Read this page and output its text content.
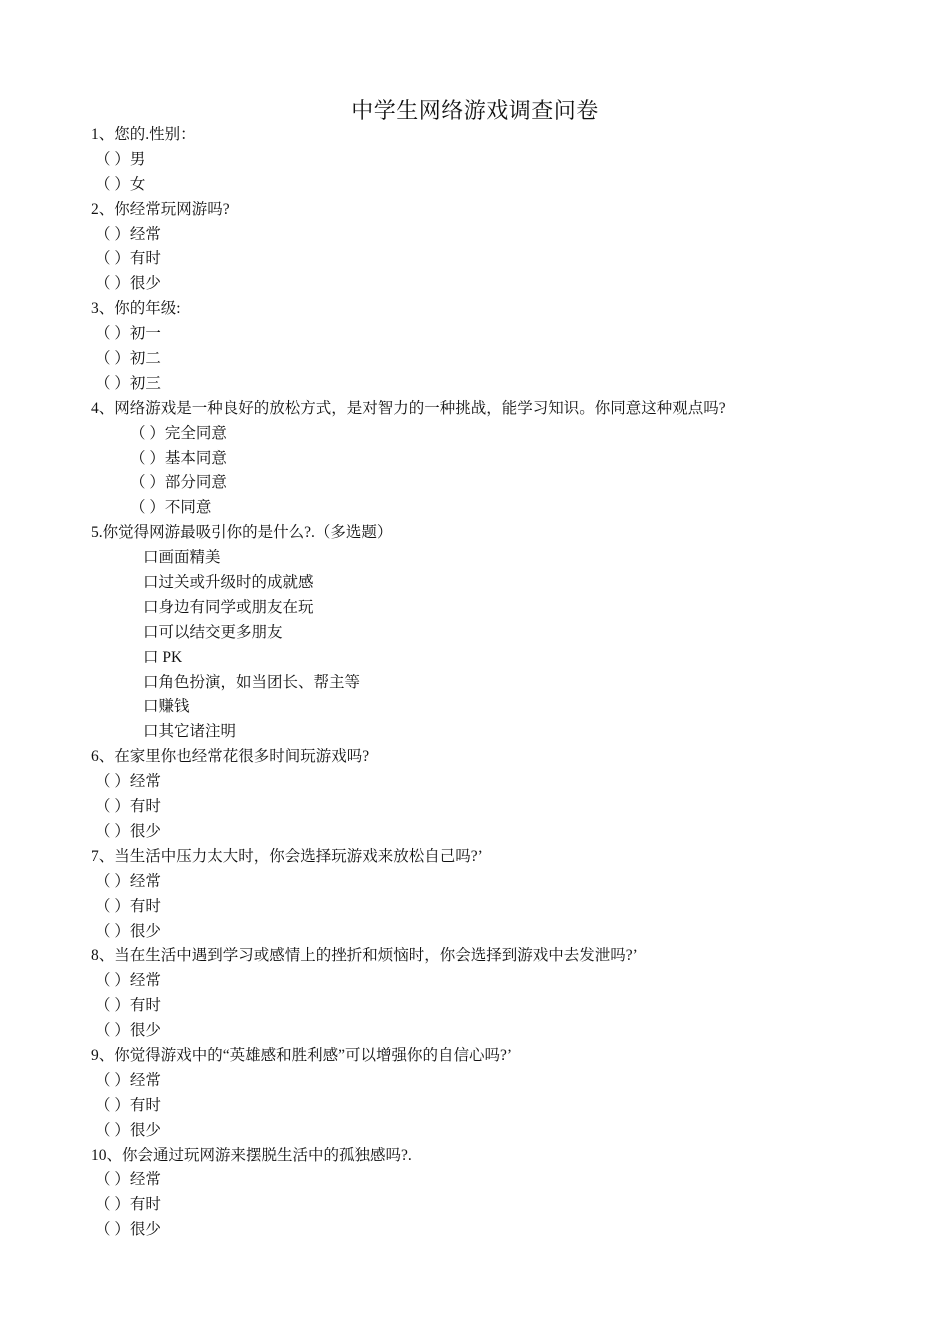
中学生网络游戏调查问卷
1、您的.性别：
（ ）男
（ ）女
2、你经常玩网游吗?
（ ）经常
（ ）有时
（ ）很少
3、你的年级:
（ ）初一
（ ）初二
（ ）初三
4、网络游戏是一种良好的放松方式，是对智力的一种挑战，能学习知识。你同意这种观点吗?
（ ）完全同意
（ ）基本同意
（ ）部分同意
（ ）不同意
5.你觉得网游最吸引你的是什么?.（多选题）
口画面精美
口过关或升级时的成就感
口身边有同学或朋友在玩
口可以结交更多朋友
口 PK
口角色扮演，如当团长、帮主等
口赚钱
口其它诸注明
6、在家里你也经常花很多时间玩游戏吗?
（ ）经常
（ ）有时
（ ）很少
7、当生活中压力太大时，你会选择玩游戏来放松自己吗?’
（ ）经常
（ ）有时
（ ）很少
8、当在生活中遇到学习或感情上的挫折和烦恼时，你会选择到游戏中去发泄吗?’
（ ）经常
（ ）有时
（ ）很少
9、你觉得游戏中的“英雄感和胜利感”可以增强你的自信心吗?’
（ ）经常
（ ）有时
（ ）很少
10、你会通过玩网游来摆脱生活中的孤独感吗?.
（ ）经常
（ ）有时
（ ）很少
